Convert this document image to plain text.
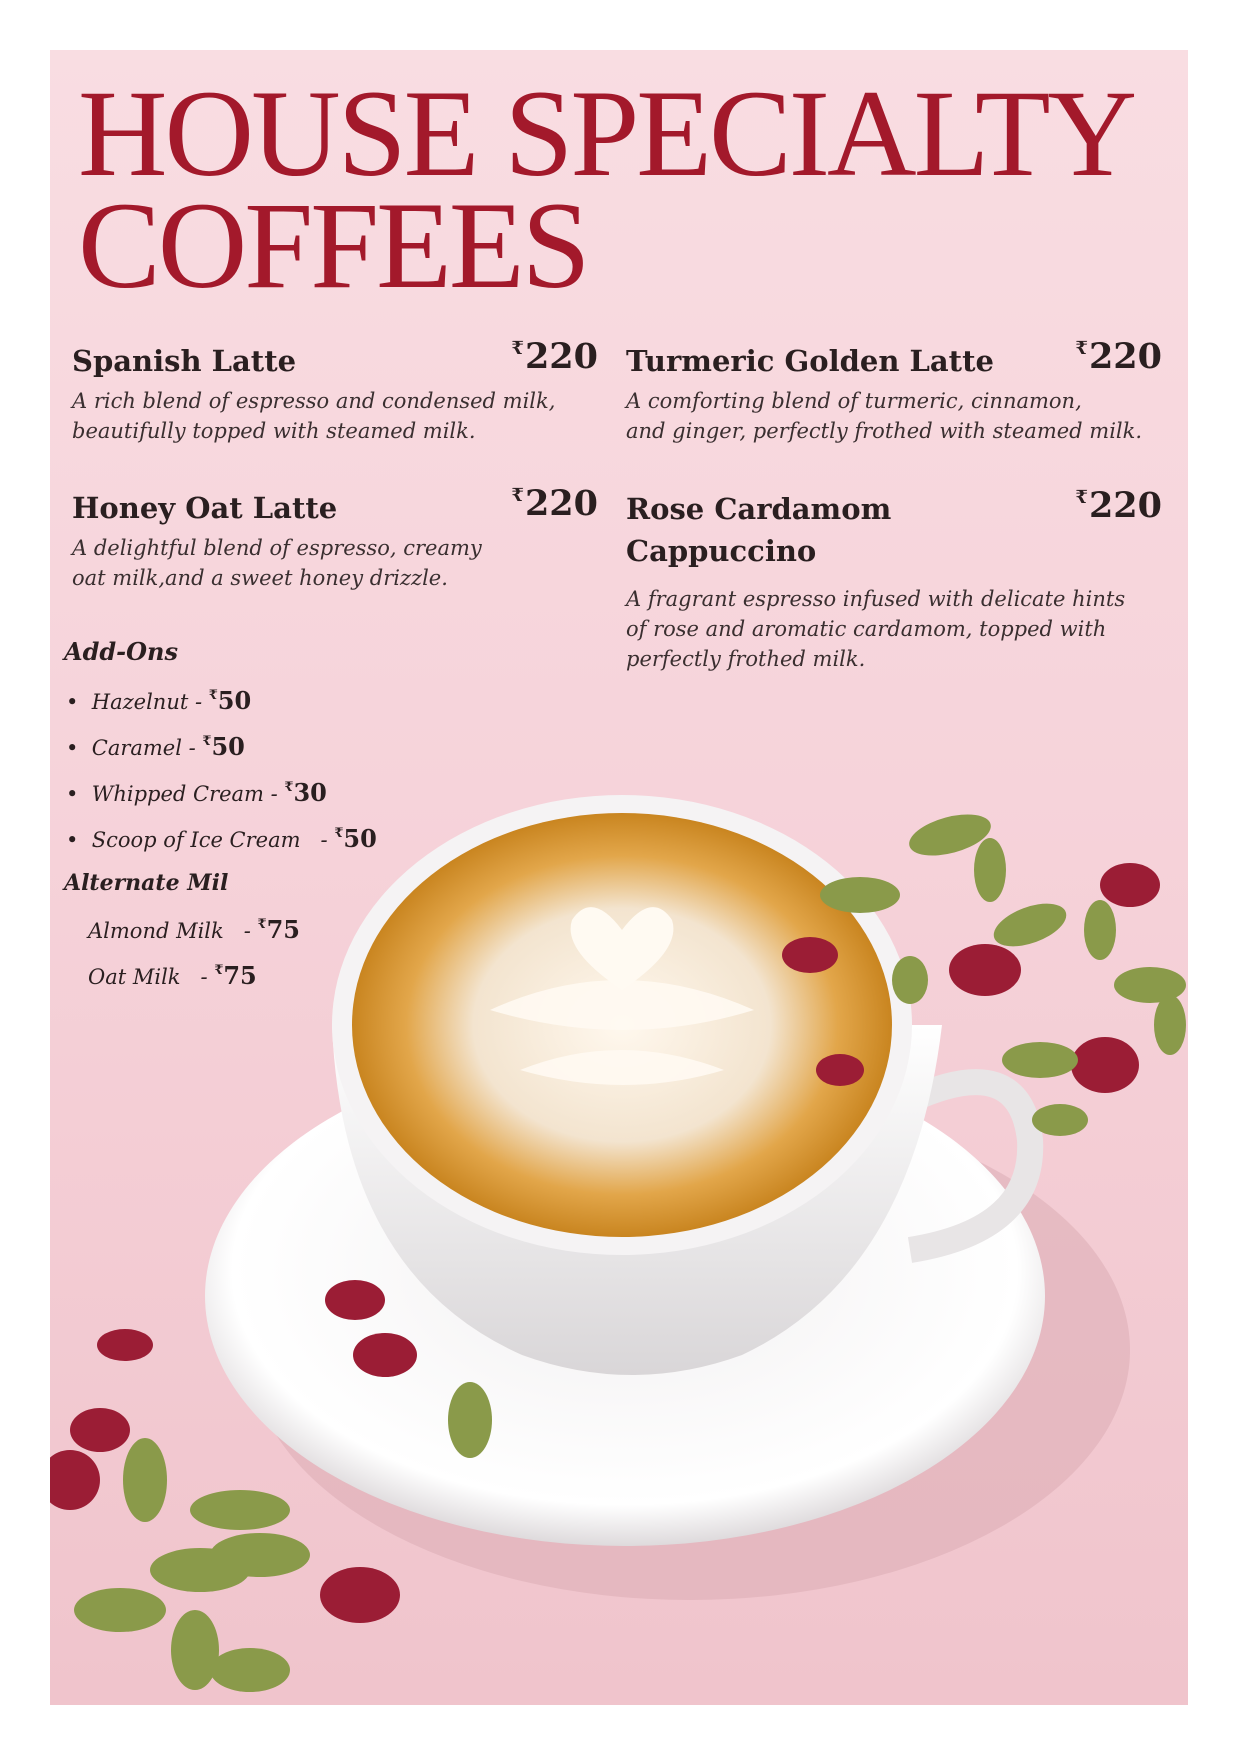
HOUSE SPECIALTY
COFFEES
Spanish Latte	₹220
A rich blend of espresso and condensed milk,
beautifully topped with steamed milk.
Turmeric Golden Latte	₹220
A comforting blend of turmeric, cinnamon,
and ginger, perfectly frothed with steamed milk.
Honey Oat Latte	₹220
A delightful blend of espresso, creamy
oat milk,and a sweet honey drizzle.
Rose Cardamom
Cappuccino
₹220
A fragrant espresso infused with delicate hints
of rose and aromatic cardamom, topped with
perfectly frothed milk.
Add-Ons
•  Hazelnut - ₹50
•  Caramel - ₹50
•  Whipped Cream - ₹30
•  Scoop of Ice Cream   - ₹50
Alternate Mil
Almond Milk   - ₹75
Oat Milk   - ₹75
